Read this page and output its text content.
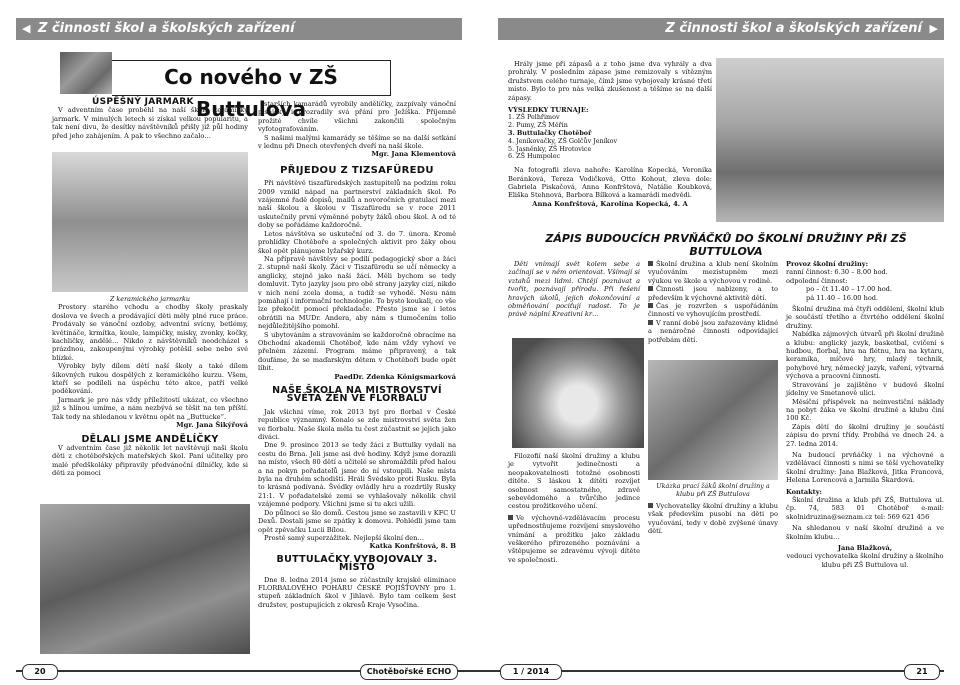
◀ Z činnosti škol a školských zařízení	Z činnosti škol a školských zařízení ▶
Co nového v ZŠ Buttulova
ÚSPĚŠNÝ JARMARK

V adventním čase proběhl na naší škole keramický jarmark. V minulých letech si získal velkou popularitu, a tak není divu, že desítky návštěvníků přišly již půl hodiny před jeho zahájením. A pak to všechno začalo…

Z keramického jarmarku

Prostory starého vchodu a chodby školy praskaly doslova ve švech a prodávající děti měly plné ruce práce. Prodávaly se vánoční ozdoby, adventní svícny, betlémy, květináče, krmítka, koule, lampičky, misky, zvonky, kočky, kachličky, andělé… Nikdo z návštěvníků neodcházel s prázdnou, zakoupenými výrobky potěšil sebe nebo své blízké.

Výrobky byly dílem dětí naší školy a také dílem šikovných rukou dospělých z keramického kurzu. Všem, kteří se podíleli na úspěchu této akce, patří velké poděkování.

Jarmark je pro nás vždy příležitostí ukázat, co všechno již s hlínou umíme, a nám nezbývá se těšit na ten příští. Tak tedy na shledanou v květnu opět na „Buttucke“.

Mgr. Jana Šikýřová
DĚLALI JSME ANDĚLÍČKY

V adventním čase již několik let navštěvují naši školu děti z chotěbořských mateřských škol. Paní učitelky pro malé předškoláky připravily předvánoční dílničky, kde si děti za pomoci

starších kamarádů vyrobily andělíčky, zazpívaly vánoční písničky i prozradily svá přání pro Ježíška. Příjemně prožité chvíle všichni zakončili společným vyfotografováním.

S našimi malými kamarády se těšíme se na další setkání v lednu při Dnech otevřených dveří na naší škole.

Mgr. Jana Klementová
PŘIJEDOU Z TIZSAFÜREDU

Při návštěvě tiszafüredských zastupitelů na podzim roku 2009 vznikl nápad na partnerství základních škol. Po vzájemné řadě dopisů, mailů a novoročních gratulací mezi naší školou a školou v Tiszafüredu se v roce 2011 uskutečnily první výměnné pobyty žáků obou škol. A od té doby se pořádáme každoročně.

Letos návštěva se uskuteční od 3. do 7. února. Kromě prohlídky Chotěboře a společných aktivit pro žáky obou škol opět plánujeme lyžařský kurz.

Na přípravě návštěvy se podílí pedagogický sbor a žáci 2. stupně naší školy. Žáci v Tiszafüredu se učí německy a anglicky, stejně jako naši žáci. Měli bychom se tedy domluvit. Tyto jazyky jsou pro obě strany jazyky cizí, nikdo v nich není zcela doma, a tudíž se vyhodě. Nesu nám pomáhají i informační technologie. To bysto koukali, co vše lze překočit pomocí překladače. Přesto jsme se i letos obrátili na MUDr. Andera, aby nám s tlumočením tolio nejdůležitějšího pomohl.

S ubytováním a stravováním se každoročně obracíme na Obchodní akademii Chotěboř, kde nám vždy vyhoví ve přelném zázemí. Program máme připravený, a tak doufáme, že se maďarským dětem v Chotěboři bude opět líbit.

PaedDr. Zdenka Königsmarková
NAŠE ŠKOLA NA MISTROVSTVÍ SVĚTA ŽEN VE FLORBALU

Jak všichni víme, rok 2013 byl pro florbal v České republice významný. Konalo se zde mistrovství světa žen ve florbalu. Naše škola měla tu čest zúčastnit se jejich jako diváci.

Dne 9. prosince 2013 se tedy žáci z Buttulky vydali na cestu do Brna. Jeli jsme asi dvě hodiny. Když jsme dorazili na místo, všech 80 dětí a učitelé se shromáždili před halou a na pokyn pořadatelů jsme do ní vstoupili. Naše místa byla na druhém schodišti. Hráli Švédsko proti Rusku. Byla to krásná podívaná. Švédky ovládly hru a rozdrtily Rusky 21:1. V pořadatelské zemi se vyhlašovaly několik chvil vzájemné podpory. Všichni jsme si tu akci užili.

Do půlnoci se šlo domů. Cestou jsme se zastavili v KFC U Dexů. Dostali jsme se zpátky k domovu. Pohlédli jsme tam opět zpěvačku Lucii Bílou.

Prostě samý superzážitek. Nejlepší školní den…

Katka Konfrštová, 8. B
BUTTULAČKY VYBOJOVALY 3. MÍSTO

Dne 8. ledna 2014 jsme se zúčastnily krajské eliminace FLORBALOVÉHO POHÁRU ČESKÉ POJIŠŤOVNY pro 1. stupeň základních škol v Jihlavě. Bylo tam celkem šest družstev, postupujících z okresů Kraje Vysočina.

Hrály jsme při zápasů a z toho jsme dva vyhrály a dva prohrály. V posledním zápase jsme remizovaly s vítězným družstvem celého turnaje, čímž jsme vybojovaly krásné třetí místo. Bylo to pro nás velká zkušenost a těšíme se na další zápasy.

VÝSLEDKY TURNAJE:
1. ZŠ Pelhřimov
2. Pumy, ZŠ Měřín
3. Buttulačky Chotěboř
4. Jeníkovačky, ZŠ Golčův Jeníkov
5. Jasněnky, ZŠ Hrotovice
6. ZŠ Humpolec

Na fotografii zleva nahoře: Karolína Kopecká, Veronika Beránková, Tereza Vodičková, Otto Kohout, zleva dole: Gabriela Piskačová, Anna Konfrštová, Natálie Koubková, Eliška Stehnová, Barbora Bílková a kamarádi medvědi.

Anna Konfrštová, Karolína Kopecká, 4. A
ZÁPIS BUDOUCÍCH PRVŇÁČKŮ DO ŠKOLNÍ DRUŽINY PŘI ZŠ BUTTULOVA

Děti vnímají svět kolem sebe a začínají se v něm orientovat. Všímají si vztahů mezi lidmi. Chtějí poznávat a tvořit, poznávají přírodu. Při řešení hravých úkolů, jejich dokončování a obměňování pociťují radost. To je právě náplní Kreativní kr…

Filozofií naší školní družiny a klubu je vytvořit jedinečnosti a neopakovatelnosti totožné osobnosti dítěte. S láskou k dítěti rozvíjet osobnost samostatného, zdravě sebevědomého a tvůrčího jedince cestou prožitkového učení.

Ve výchovně-vzdělávacím procesu upřednostňujeme rozvíjení smyslového vnímání a prožitku jako základu veškerého přirozeného poznávání a vštěpujeme se zdravému vývoji dítěte ve společnosti.
Školní družina a klub není školním vyučováním mezistupněm mezi výukou ve škole a výchovou v rodině.
Činnosti jsou nabízeny, a to především k výchovné aktivitě dětí.
Čas je rozvržen s uspořádáním činností ve vyhovujícím prostředí.
V ranní době jsou zařazovány klidné a nenáročné činnosti odpovídající potřebám dětí.
Ukázka prací žáků školní družiny a klubu při ZŠ Buttulova
Vychovatelky školní družiny a klubu však především pusobí na děti po vyučování, tedy v době zvýšené únavy dětí.
Provoz školní družiny:
ranní činnost: 6.30 – 8.00 hod.
odpolední činnost:
po – čt 11.40 – 17.00 hod.
pá 11.40 – 16.00 hod.

Školní družina má čtyři oddělení, školní klub je součástí třetího a čtvrtého oddělení školní družiny.

Nabídka zájmových útvarů při školní družině a klubu: anglický jazyk, basketbal, cvičení s hudbou, florbal, hra na flétnu, hra na kytaru, keramika, míčové hry, mladý technik, pohybové hry, německý jazyk, vaření, výtvarná výchova a pracovní činnosti.

Stravování je zajištěno v budově školní jídelny ve Smetanově ulici.

Měsíční příspěvek na neinvestiční náklady na pobyt žáka ve školní družině a klubu činí 100 Kč.

Zápis dětí do školní družiny je součástí zápisu do první třídy. Probíhá ve dnech 24. a 27. ledna 2014.

Na budoucí prvňáčky i na výchovné a vzdělávací činnosti s nimi se těší vychovatelky školní družiny: Jana Blažková, Jitka Francová, Helena Lorencová a Jarmila Škardová.

Kontakty:

Školní družina a klub při ZŠ, Buttulova ul. čp. 74, 583 01 Chotěboř e-mail: skolnidruzina@seznam.cz tel: 569 621 456

Na shledanou v naší školní družině a ve školním klubu…

Jana Blažková,
vedoucí vychovatelka školní družiny a školního klubu při ZŠ Buttulova ul.
20	Chotěbořské ECHO	1 / 2014	21
